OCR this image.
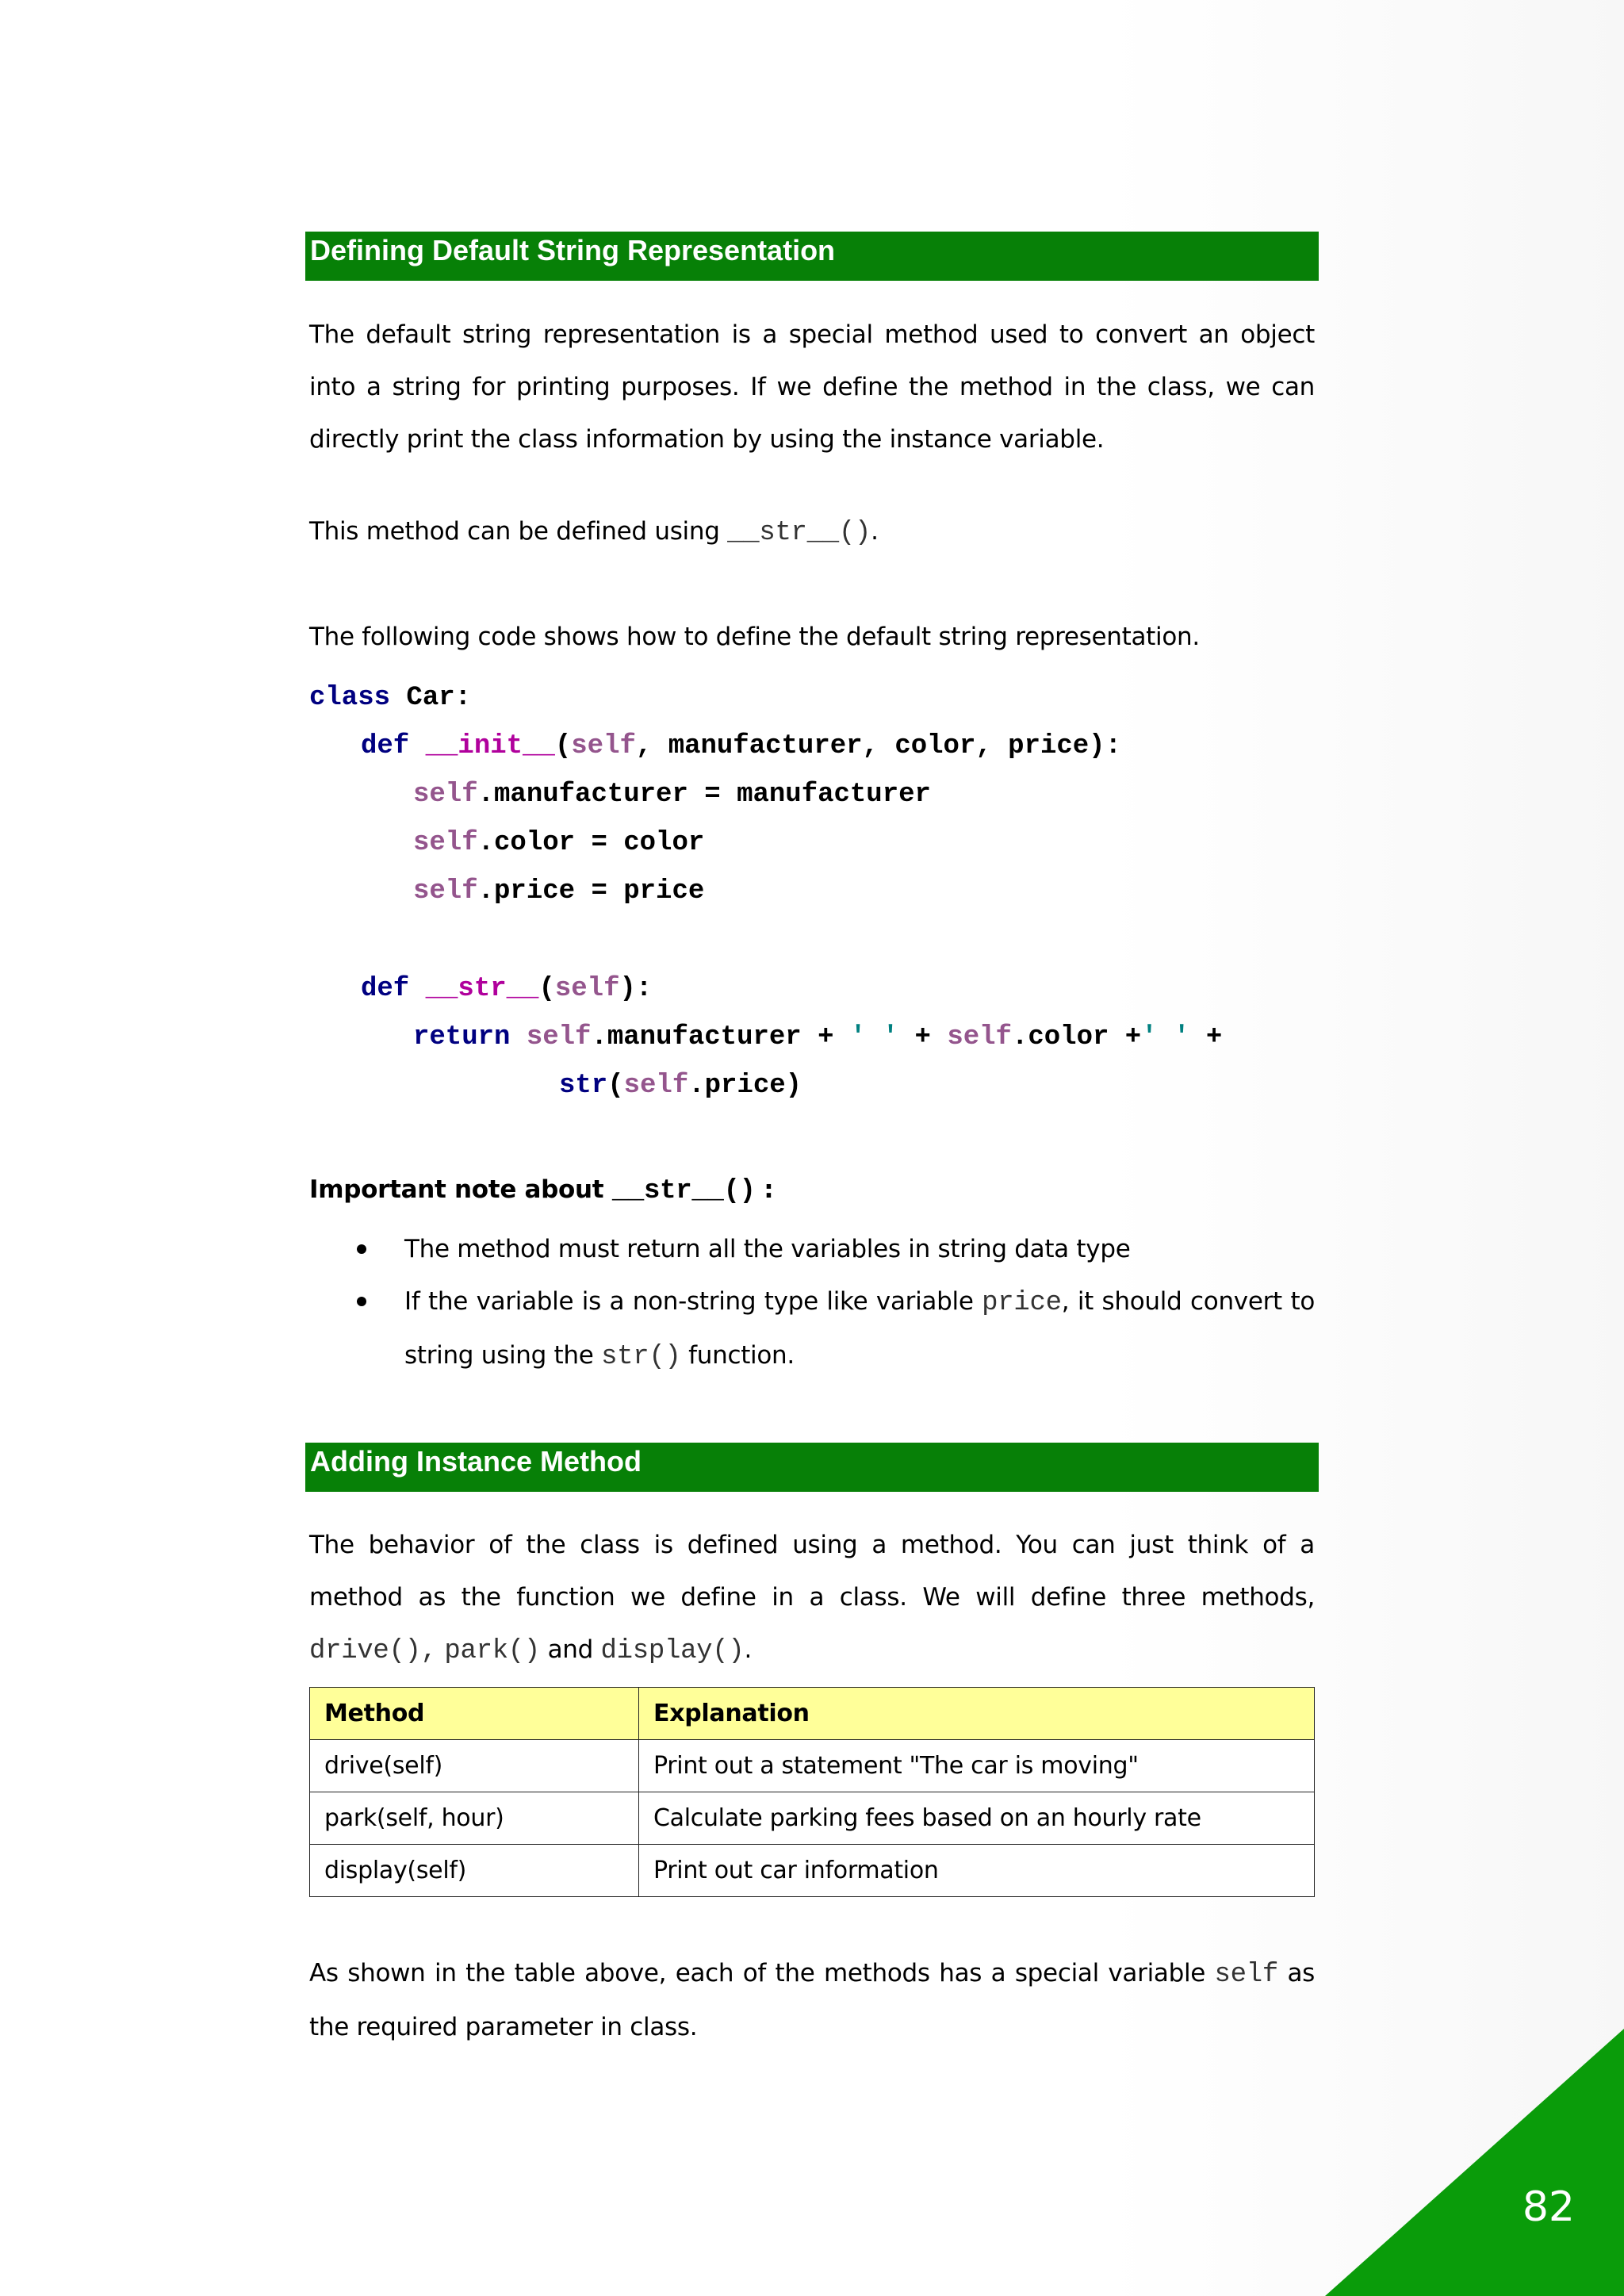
Defining Default String Representation
The default string representation is a special method used to convert an object into a string for printing purposes. If we define the method in the class, we can directly print the class information by using the instance variable.
This method can be defined using __str__().
The following code shows how to define the default string representation.
class Car:
def __init__(self, manufacturer, color, price):
self.manufacturer = manufacturer
self.color = color
self.price = price
def __str__(self):
return self.manufacturer + ' ' + self.color +' ' +
str(self.price)
Important note about __str__() :
The method must return all the variables in string data type
If the variable is a non-string type like variable price, it should convert to string using the str() function.
Adding Instance Method
The behavior of the class is defined using a method. You can just think of a method as the function we define in a class. We will define three methods, drive(), park() and display().
Method	Explanation
drive(self)	Print out a statement "The car is moving"
park(self, hour)	Calculate parking fees based on an hourly rate
display(self)	Print out car information
As shown in the table above, each of the methods has a special variable self as the required parameter in class.
82
